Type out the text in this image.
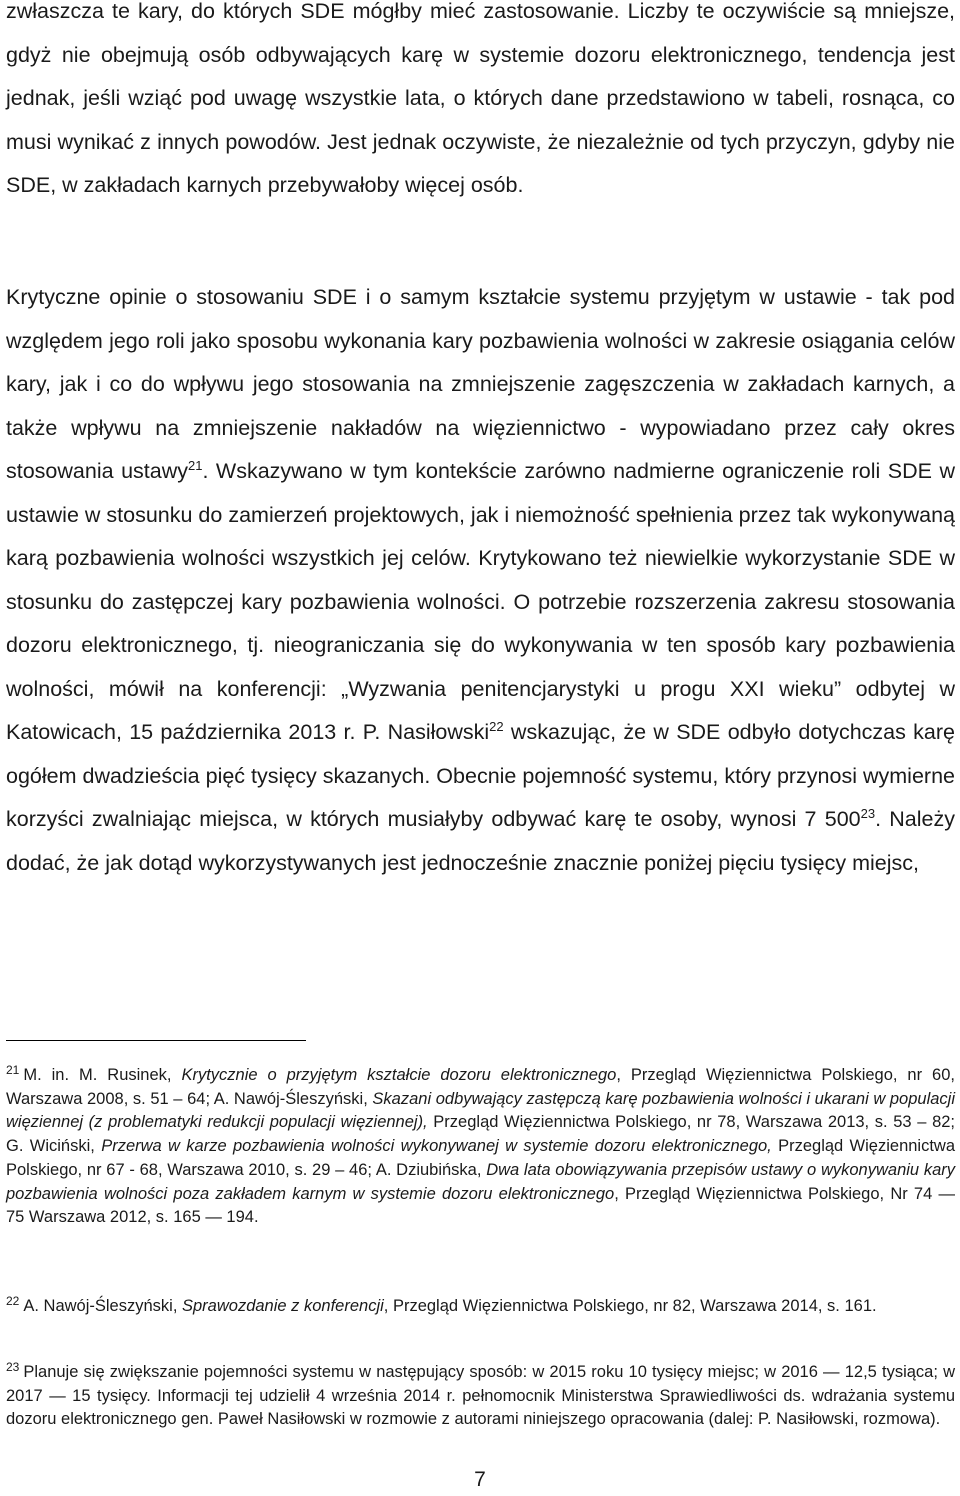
zwłaszcza te kary, do których SDE mógłby mieć zastosowanie. Liczby te oczywiście są mniejsze, gdyż nie obejmują osób odbywających karę w systemie dozoru elektronicznego, tendencja jest jednak, jeśli wziąć pod uwagę wszystkie lata, o których dane przedstawiono w tabeli, rosnąca, co musi wynikać z innych powodów. Jest jednak oczywiste, że niezależnie od tych przyczyn, gdyby nie SDE, w zakładach karnych przebywałoby więcej osób.

Krytyczne opinie o stosowaniu SDE i o samym kształcie systemu przyjętym w ustawie - tak pod względem jego roli jako sposobu wykonania kary pozbawienia wolności w zakresie osiągania celów kary, jak i co do wpływu jego stosowania na zmniejszenie zagęszczenia w zakładach karnych, a także wpływu na zmniejszenie nakładów na więziennictwo - wypowiadano przez cały okres stosowania ustawy$^{21}$. Wskazywano w tym kontekście zarówno nadmierne ograniczenie roli SDE w ustawie w stosunku do zamierzeń projektowych, jak i niemożność spełnienia przez tak wykonywaną karą pozbawienia wolności wszystkich jej celów. Krytykowano też niewielkie wykorzystanie SDE w stosunku do zastępczej kary pozbawienia wolności. O potrzebie rozszerzenia zakresu stosowania dozoru elektronicznego, tj. nieograniczania się do wykonywania w ten sposób kary pozbawienia wolności, mówił na konferencji: „Wyzwania penitencjarystyki u progu XXI wieku” odbytej w Katowicach, 15 października 2013 r. P. Nasiłowski$^{22}$ wskazując, że w SDE odbyło dotychczas karę ogółem dwadzieścia pięć tysięcy skazanych. Obecnie pojemność systemu, który przynosi wymierne korzyści zwalniając miejsca, w których musiałyby odbywać karę te osoby, wynosi 7 $500^{23}$. Należy dodać, że jak dotąd wykorzystywanych jest jednocześnie znacznie poniżej pięciu tysięcy miejsc,

$^{21}$ M. in. M. Rusinek, Krytycznie o przyjętym kształcie dozoru elektronicznego, Przegląd Więziennictwa Polskiego, nr 60, Warszawa 2008, s. 51 – 64; A. Nawój-Śleszyński, Skazani odbywający zastępczą karę pozbawienia wolności i ukarani w populacji więziennej (z problematyki redukcji populacji więziennej), Przegląd Więziennictwa Polskiego, nr 78, Warszawa 2013, s. 53 – 82; G. Wiciński, Przerwa w karze pozbawienia wolności wykonywanej w systemie dozoru elektronicznego, Przegląd Więziennictwa Polskiego, nr 67 - 68, Warszawa 2010, s. 29 – 46; A. Dziubińska, Dwa lata obowiązywania przepisów ustawy o wykonywaniu kary pozbawienia wolności poza zakładem karnym w systemie dozoru elektronicznego, Przegląd Więziennictwa Polskiego, Nr 74 — 75 Warszawa 2012, s. 165 — 194.

$^{22}$ A. Nawój-Śleszyński, Sprawozdanie z konferencji, Przegląd Więziennictwa Polskiego, nr 82, Warszawa 2014, s. 161.

$^{23}$ Planuje się zwiększanie pojemności systemu w następujący sposób: w 2015 roku 10 tysięcy miejsc; w 2016 — 12,5 tysiąca; w 2017 — 15 tysięcy. Informacji tej udzielił 4 września 2014 r. pełnomocnik Ministerstwa Sprawiedliwości ds. wdrażania systemu dozoru elektronicznego gen. Paweł Nasiłowski w rozmowie z autorami niniejszego opracowania (dalej: P. Nasiłowski, rozmowa).

7
